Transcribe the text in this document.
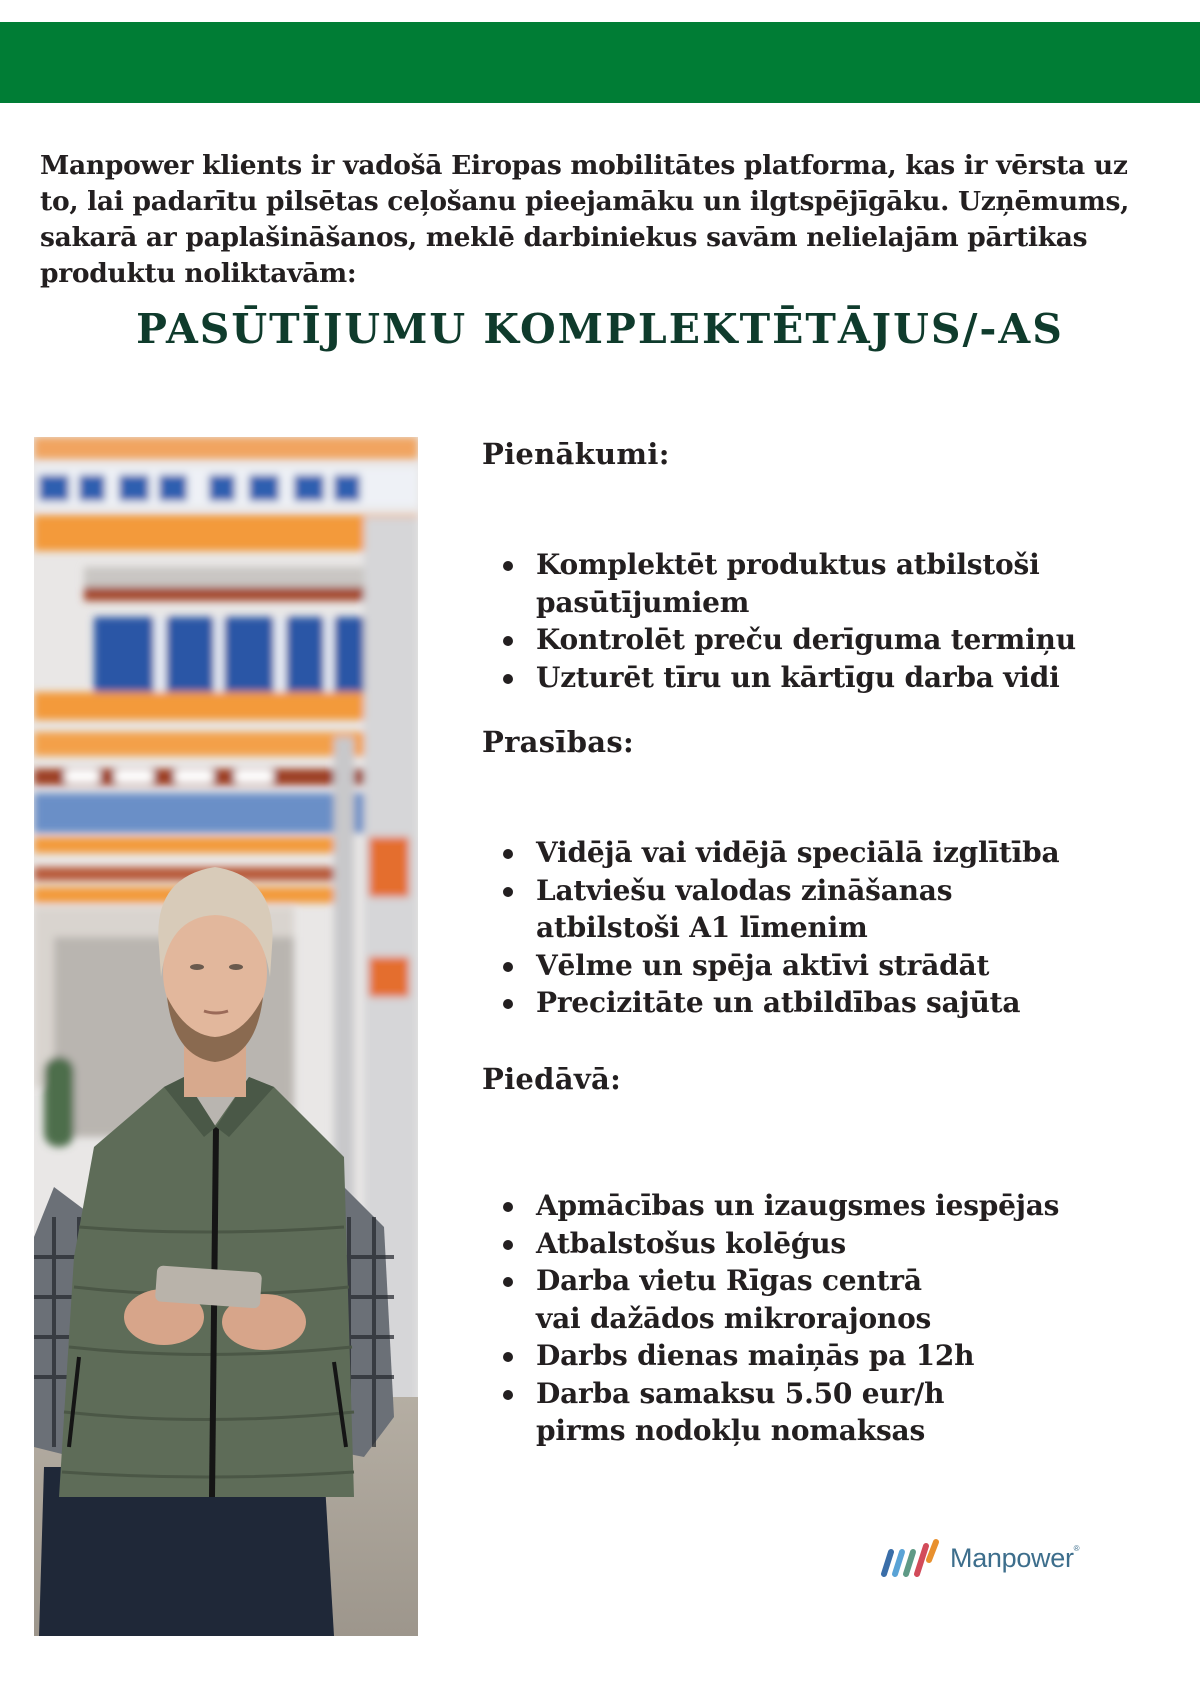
Manpower klients ir vadošā Eiropas mobilitātes platforma, kas ir vērsta uz to, lai padarītu pilsētas ceļošanu pieejamāku un ilgtspējīgāku. Uzņēmums, sakarā ar paplašināšanos, meklē darbiniekus savām nelielajām pārtikas produktu noliktavām:

PASŪTĪJUMU KOMPLEKTĒTĀJUS/-AS
Pienākumi:
Komplektēt produktus atbilstoši pasūtījumiem
Kontrolēt preču derīguma termiņu
Uzturēt tīru un kārtīgu darba vidi
Prasības:
Vidējā vai vidējā speciālā izglītība
Latviešu valodas zināšanas atbilstoši A1 līmenim
Vēlme un spēja aktīvi strādāt
Precizitāte un atbildības sajūta
Piedāvā:
Apmācības un izaugsmes iespējas
Atbalstošus kolēģus
Darba vietu Rīgas centrā vai dažādos mikrorajonos
Darbs dienas maiņās pa 12h
Darba samaksu 5.50 eur/h pirms nodokļu nomaksas
Manpower ®
